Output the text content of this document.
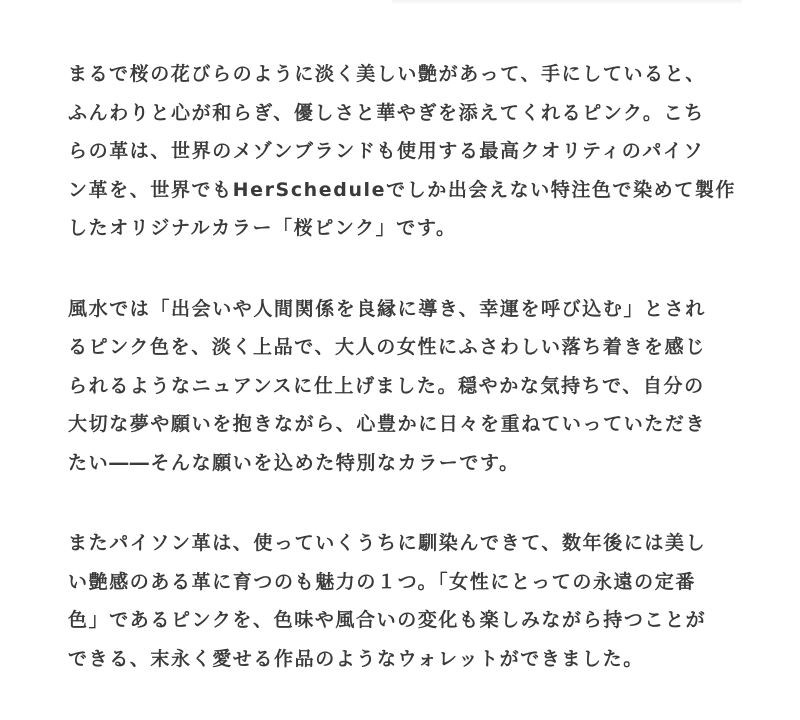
まるで桜の花びらのように淡く美しい艶があって、手にしていると、
ふんわりと心が和らぎ、優しさと華やぎを添えてくれるピンク。こち
らの革は、世界のメゾンブランドも使用する最高クオリティのパイソ
ン革を、世界でもHerScheduleでしか出会えない特注色で染めて製作
したオリジナルカラー「桜ピンク」です。

風水では「出会いや人間関係を良縁に導き、幸運を呼び込む」とされ
るピンク色を、淡く上品で、大人の女性にふさわしい落ち着きを感じ
られるようなニュアンスに仕上げました。穏やかな気持ちで、自分の
大切な夢や願いを抱きながら、心豊かに日々を重ねていっていただき
たい――そんな願いを込めた特別なカラーです。

またパイソン革は、使っていくうちに馴染んできて、数年後には美し
い艶感のある革に育つのも魅力の１つ。「女性にとっての永遠の定番
色」であるピンクを、色味や風合いの変化も楽しみながら持つことが
できる、末永く愛せる作品のようなウォレットができました。
